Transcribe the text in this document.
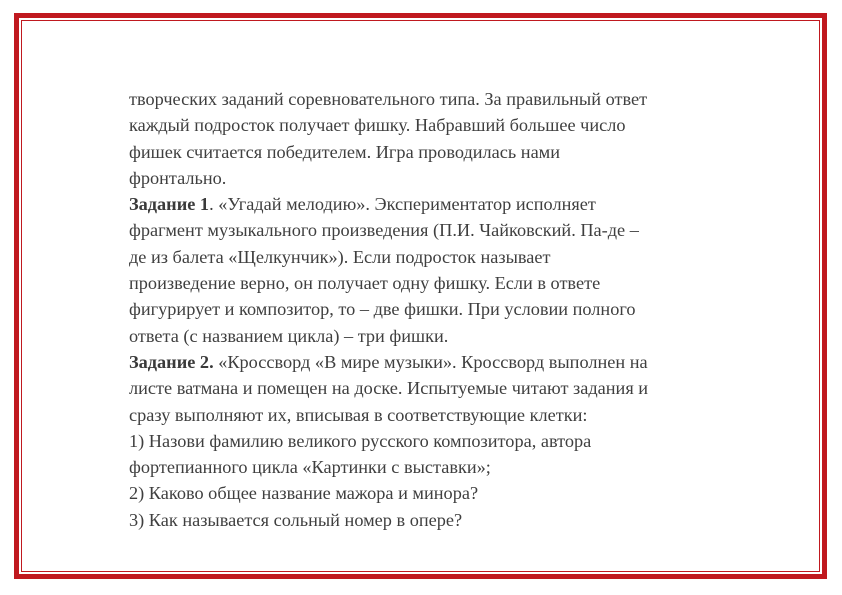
творческих заданий соревновательного типа. За правильный ответ
каждый подросток получает фишку. Набравший большее число
фишек считается победителем. Игра проводилась нами
фронтально.
Задание 1. «Угадай мелодию». Экспериментатор исполняет
фрагмент музыкального произведения (П.И. Чайковский. Па-де –
де из балета «Щелкунчик»). Если подросток называет
произведение верно, он получает одну фишку. Если в ответе
фигурирует и композитор, то – две фишки. При условии полного
ответа (с названием цикла) – три фишки.
Задание 2. «Кроссворд «В мире музыки». Кроссворд выполнен на
листе ватмана и помещен на доске. Испытуемые читают задания и
сразу выполняют их, вписывая в соответствующие клетки:
1) Назови фамилию великого русского композитора, автора
фортепианного цикла «Картинки с выставки»;
2) Каково общее название мажора и минора?
3) Как называется сольный номер в опере?
